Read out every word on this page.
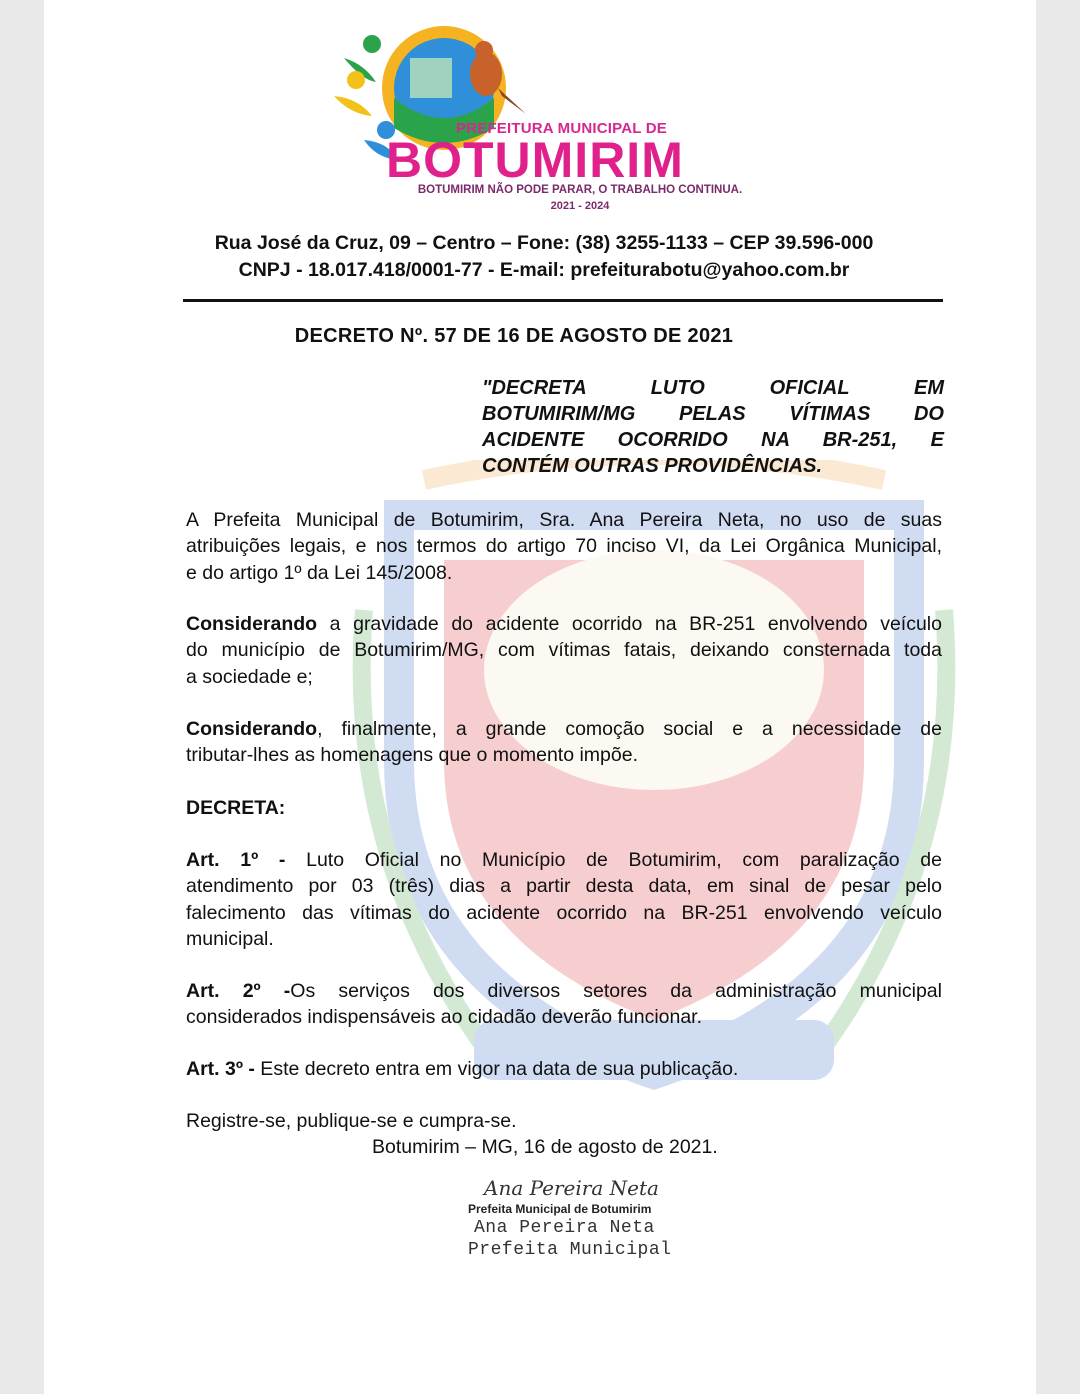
PREFEITURA MUNICIPAL DE
BOTUMIRIM
BOTUMIRIM NÃO PODE PARAR, O TRABALHO CONTINUA.
2021 - 2024
Rua José da Cruz, 09 – Centro – Fone: (38) 3255-1133 – CEP 39.596-000
CNPJ - 18.017.418/0001-77 - E-mail: prefeiturabotu@yahoo.com.br
DECRETO Nº. 57 DE 16 DE AGOSTO DE 2021
"DECRETA LUTO OFICIAL EM
BOTUMIRIM/MG PELAS VÍTIMAS DO
ACIDENTE OCORRIDO NA BR-251, E
CONTÉM OUTRAS PROVIDÊNCIAS.
A Prefeita Municipal de Botumirim, Sra. Ana Pereira Neta, no uso de suas
atribuições legais, e nos termos do artigo 70 inciso VI, da Lei Orgânica Municipal,
e do artigo 1º da Lei 145/2008.
Considerando a gravidade do acidente ocorrido na BR-251 envolvendo veículo
do município de Botumirim/MG, com vítimas fatais, deixando consternada toda
a sociedade e;
Considerando, finalmente, a grande comoção social e a necessidade de
tributar-lhes as homenagens que o momento impõe.
DECRETA:
Art. 1º - Luto Oficial no Município de Botumirim, com paralização de
atendimento por 03 (três) dias a partir desta data, em sinal de pesar pelo
falecimento das vítimas do acidente ocorrido na BR-251 envolvendo veículo
municipal.
Art. 2º -Os serviços dos diversos setores da administração municipal
considerados indispensáveis ao cidadão deverão funcionar.
Art. 3º - Este decreto entra em vigor na data de sua publicação.
Registre-se, publique-se e cumpra-se.
Botumirim – MG, 16 de agosto de 2021.
Ana Pereira Neta
Prefeita Municipal de Botumirim
Ana Pereira Neta
Prefeita Municipal
